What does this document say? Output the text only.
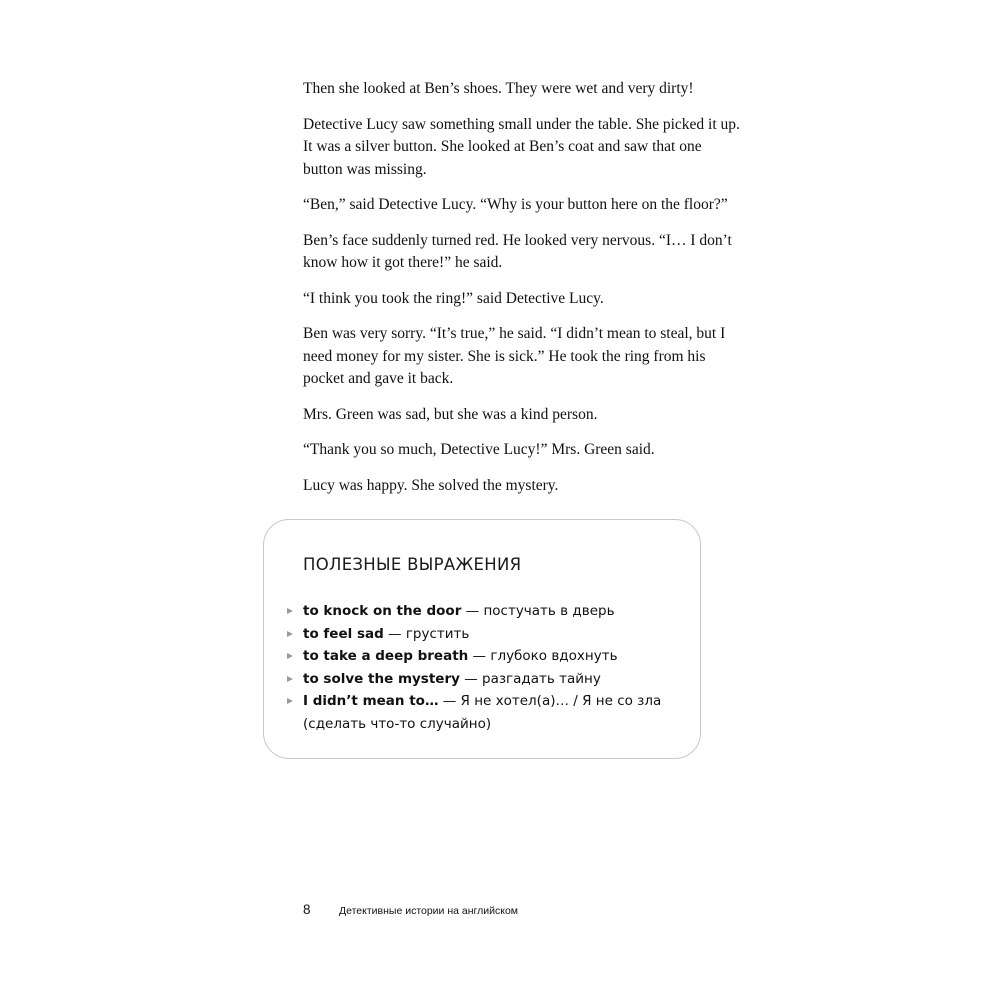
Then she looked at Ben’s shoes. They were wet and very dirty!

Detective Lucy saw something small under the table. She picked it up. It was a silver button. She looked at Ben’s coat and saw that one button was missing.

“Ben,” said Detective Lucy. “Why is your button here on the floor?”

Ben’s face suddenly turned red. He looked very nervous. “I… I don’t know how it got there!” he said.

“I think you took the ring!” said Detective Lucy.

Ben was very sorry. “It’s true,” he said. “I didn’t mean to steal, but I need money for my sister. She is sick.” He took the ring from his pocket and gave it back.

Mrs. Green was sad, but she was a kind person.

“Thank you so much, Detective Lucy!” Mrs. Green said.

Lucy was happy. She solved the mystery.

ПОЛЕЗНЫЕ ВЫРАЖЕНИЯ
to knock on the door — постучать в дверь
to feel sad — грустить
to take a deep breath — глубоко вдохнуть
to solve the mystery — разгадать тайну
I didn’t mean to… — Я не хотел(а)… / Я не со зла (сделать что-то случайно)
8	Детективные истории на английском
